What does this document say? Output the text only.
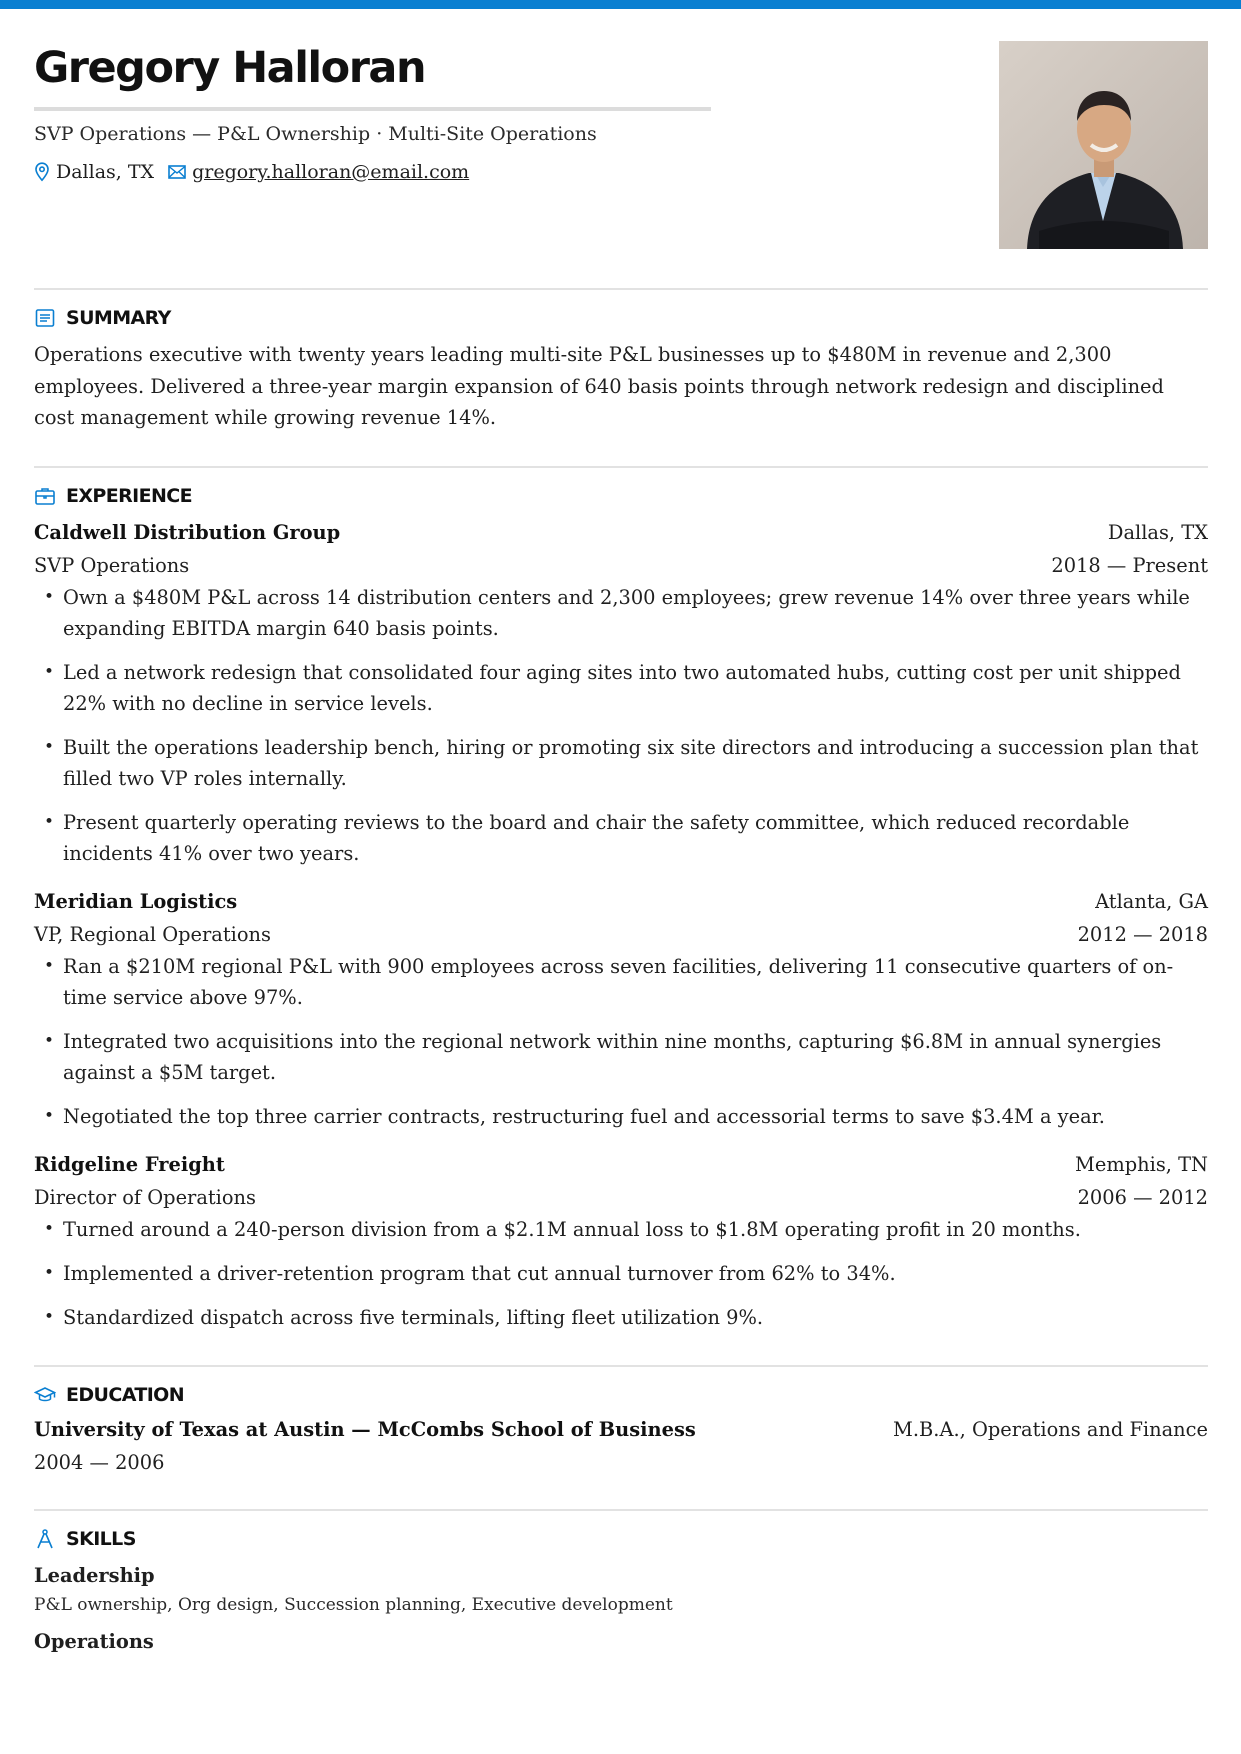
Gregory Halloran
SVP Operations — P&L Ownership · Multi-Site Operations
Dallas, TX gregory.halloran@email.com
SUMMARY

Operations executive with twenty years leading multi-site P&L businesses up to $480M in revenue and 2,300 employees. Delivered a three-year margin expansion of 640 basis points through network redesign and disciplined cost management while growing revenue 14%.

EXPERIENCE
Caldwell Distribution Group	Dallas, TX
SVP Operations	2018 — Present
• Own a $480M P&L across 14 distribution centers and 2,300 employees; grew revenue 14% over three years while expanding EBITDA margin 640 basis points.
• Led a network redesign that consolidated four aging sites into two automated hubs, cutting cost per unit shipped 22% with no decline in service levels.
• Built the operations leadership bench, hiring or promoting six site directors and introducing a succession plan that filled two VP roles internally.
• Present quarterly operating reviews to the board and chair the safety committee, which reduced recordable incidents 41% over two years.
Meridian Logistics	Atlanta, GA
VP, Regional Operations	2012 — 2018
• Ran a $210M regional P&L with 900 employees across seven facilities, delivering 11 consecutive quarters of on-time service above 97%.
• Integrated two acquisitions into the regional network within nine months, capturing $6.8M in annual synergies against a $5M target.
• Negotiated the top three carrier contracts, restructuring fuel and accessorial terms to save $3.4M a year.
Ridgeline Freight	Memphis, TN
Director of Operations	2006 — 2012
• Turned around a 240-person division from a $2.1M annual loss to $1.8M operating profit in 20 months.
• Implemented a driver-retention program that cut annual turnover from 62% to 34%.
• Standardized dispatch across five terminals, lifting fleet utilization 9%.
EDUCATION
University of Texas at Austin — McCombs School of Business	M.B.A., Operations and Finance
2004 — 2006
SKILLS
Leadership
P&L ownership, Org design, Succession planning, Executive development
Operations
